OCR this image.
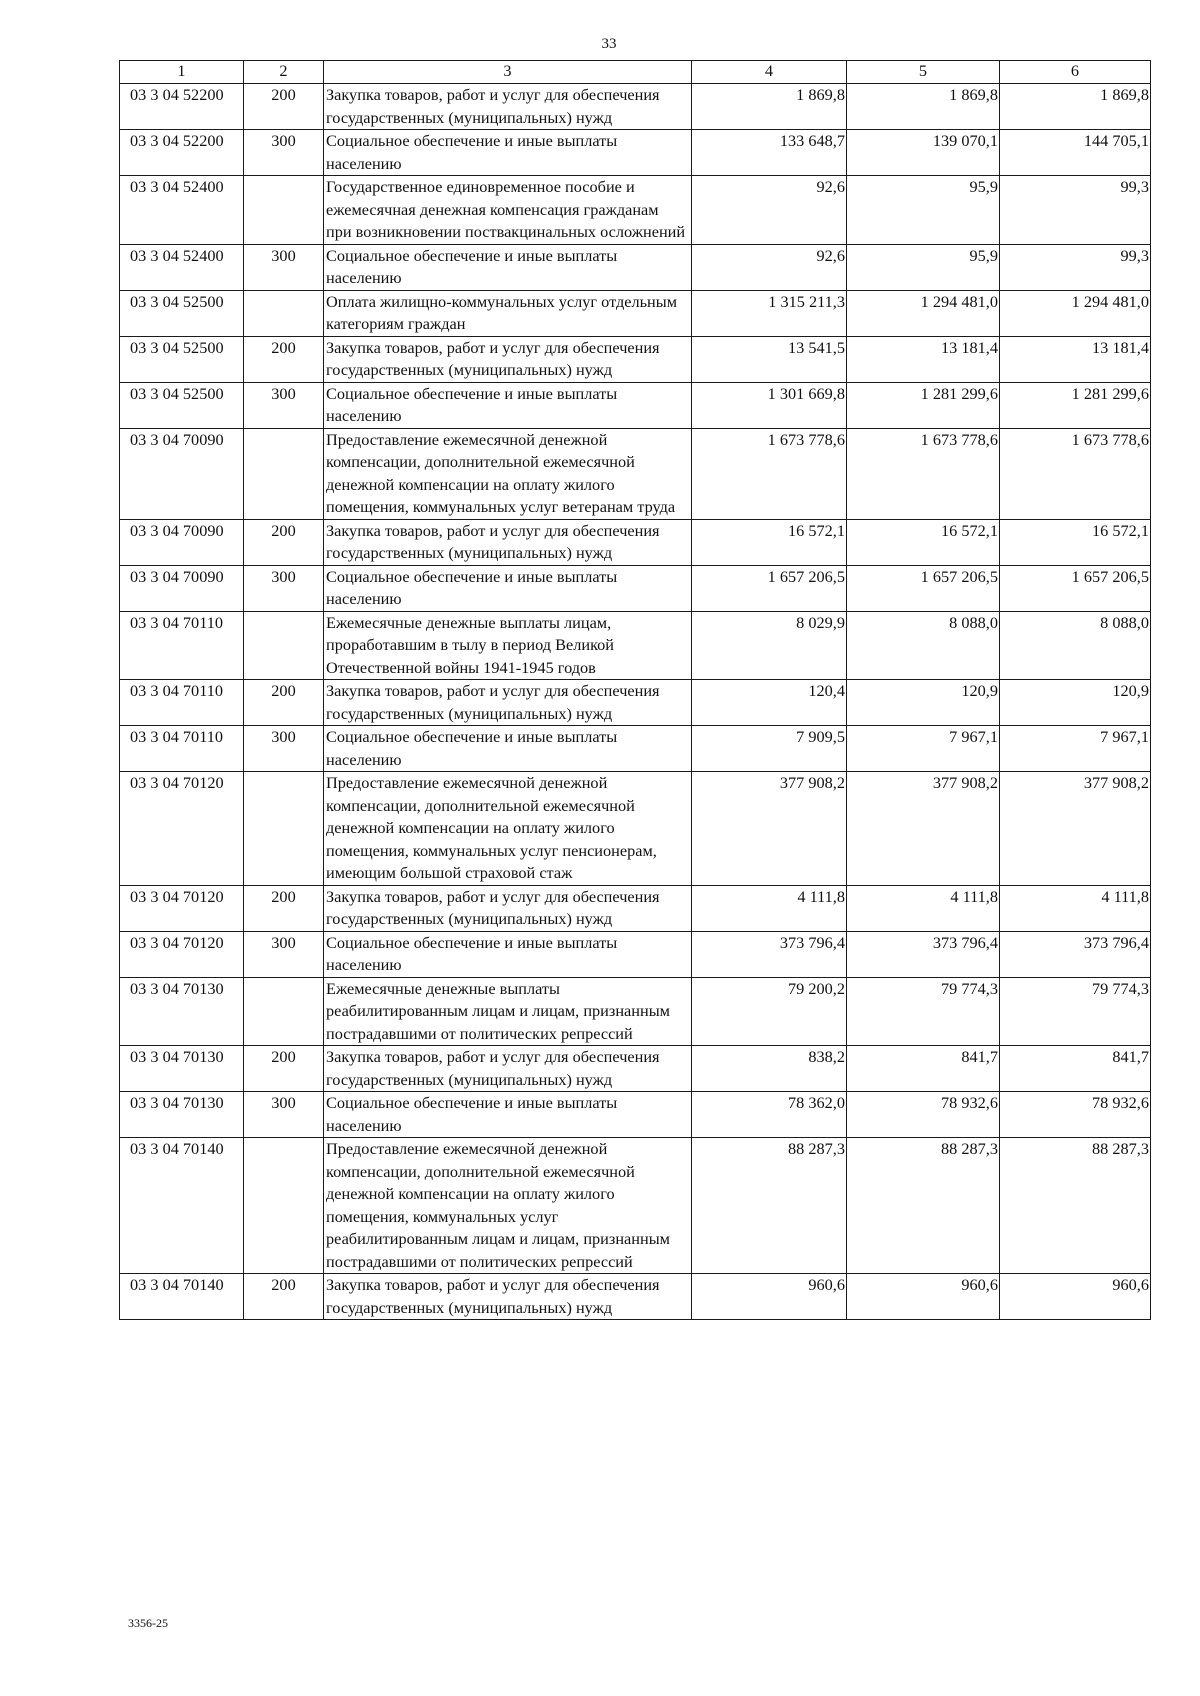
33
1	2	3	4	5	6
03 3 04 52200	200	Закупка товаров, работ и услуг для обеспечения государственных (муниципальных) нужд	1 869,8	1 869,8	1 869,8
03 3 04 52200	300	Социальное обеспечение и иные выплаты населению	133 648,7	139 070,1	144 705,1
03 3 04 52400		Государственное единовременное пособие и ежемесячная денежная компенсация гражданам при возникновении поствакцинальных осложнений	92,6	95,9	99,3
03 3 04 52400	300	Социальное обеспечение и иные выплаты населению	92,6	95,9	99,3
03 3 04 52500		Оплата жилищно-коммунальных услуг отдельным категориям граждан	1 315 211,3	1 294 481,0	1 294 481,0
03 3 04 52500	200	Закупка товаров, работ и услуг для обеспечения государственных (муниципальных) нужд	13 541,5	13 181,4	13 181,4
03 3 04 52500	300	Социальное обеспечение и иные выплаты населению	1 301 669,8	1 281 299,6	1 281 299,6
03 3 04 70090		Предоставление ежемесячной денежной компенсации, дополнительной ежемесячной денежной компенсации на оплату жилого помещения, коммунальных услуг ветеранам труда	1 673 778,6	1 673 778,6	1 673 778,6
03 3 04 70090	200	Закупка товаров, работ и услуг для обеспечения государственных (муниципальных) нужд	16 572,1	16 572,1	16 572,1
03 3 04 70090	300	Социальное обеспечение и иные выплаты населению	1 657 206,5	1 657 206,5	1 657 206,5
03 3 04 70110		Ежемесячные денежные выплаты лицам, проработавшим в тылу в период Великой Отечественной войны 1941-1945 годов	8 029,9	8 088,0	8 088,0
03 3 04 70110	200	Закупка товаров, работ и услуг для обеспечения государственных (муниципальных) нужд	120,4	120,9	120,9
03 3 04 70110	300	Социальное обеспечение и иные выплаты населению	7 909,5	7 967,1	7 967,1
03 3 04 70120		Предоставление ежемесячной денежной компенсации, дополнительной ежемесячной денежной компенсации на оплату жилого помещения, коммунальных услуг пенсионерам, имеющим большой страховой стаж	377 908,2	377 908,2	377 908,2
03 3 04 70120	200	Закупка товаров, работ и услуг для обеспечения государственных (муниципальных) нужд	4 111,8	4 111,8	4 111,8
03 3 04 70120	300	Социальное обеспечение и иные выплаты населению	373 796,4	373 796,4	373 796,4
03 3 04 70130		Ежемесячные денежные выплаты реабилитированным лицам и лицам, признанным пострадавшими от политических репрессий	79 200,2	79 774,3	79 774,3
03 3 04 70130	200	Закупка товаров, работ и услуг для обеспечения государственных (муниципальных) нужд	838,2	841,7	841,7
03 3 04 70130	300	Социальное обеспечение и иные выплаты населению	78 362,0	78 932,6	78 932,6
03 3 04 70140		Предоставление ежемесячной денежной компенсации, дополнительной ежемесячной денежной компенсации на оплату жилого помещения, коммунальных услуг реабилитированным лицам и лицам, признанным пострадавшими от политических репрессий	88 287,3	88 287,3	88 287,3
03 3 04 70140	200	Закупка товаров, работ и услуг для обеспечения государственных (муниципальных) нужд	960,6	960,6	960,6
3356-25
